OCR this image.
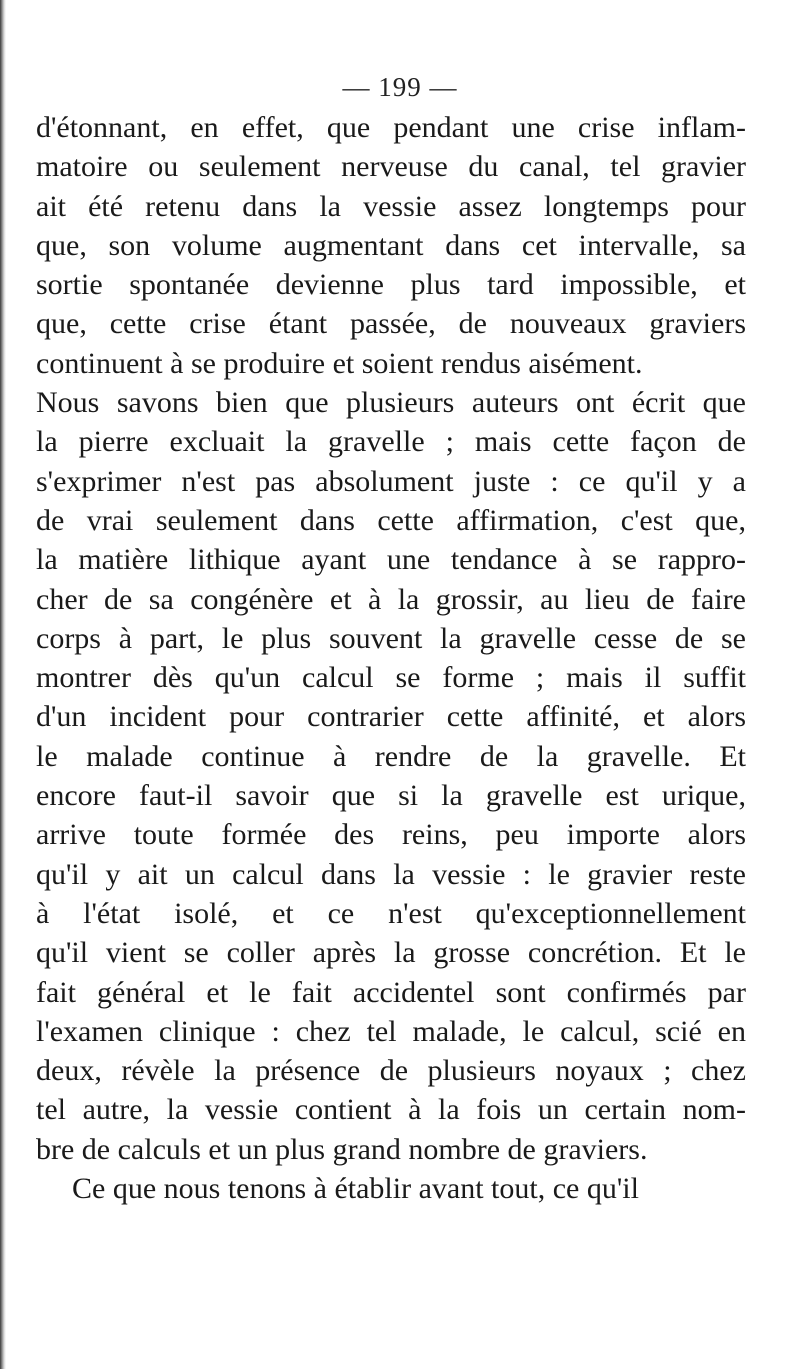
— 199 —
d'étonnant, en effet, que pendant une crise inflam-
matoire ou seulement nerveuse du canal, tel gravier
ait été retenu dans la vessie assez longtemps pour
que, son volume augmentant dans cet intervalle, sa
sortie spontanée devienne plus tard impossible, et
que, cette crise étant passée, de nouveaux graviers
continuent à se produire et soient rendus aisément.
Nous savons bien que plusieurs auteurs ont écrit que
la pierre excluait la gravelle ; mais cette façon de
s'exprimer n'est pas absolument juste : ce qu'il y a
de vrai seulement dans cette affirmation, c'est que,
la matière lithique ayant une tendance à se rappro-
cher de sa congénère et à la grossir, au lieu de faire
corps à part, le plus souvent la gravelle cesse de se
montrer dès qu'un calcul se forme ; mais il suffit
d'un incident pour contrarier cette affinité, et alors
le malade continue à rendre de la gravelle. Et
encore faut-il savoir que si la gravelle est urique,
arrive toute formée des reins, peu importe alors
qu'il y ait un calcul dans la vessie : le gravier reste
à l'état isolé, et ce n'est qu'exceptionnellement
qu'il vient se coller après la grosse concrétion. Et le
fait général et le fait accidentel sont confirmés par
l'examen clinique : chez tel malade, le calcul, scié en
deux, révèle la présence de plusieurs noyaux ; chez
tel autre, la vessie contient à la fois un certain nom-
bre de calculs et un plus grand nombre de graviers.
Ce que nous tenons à établir avant tout, ce qu'il
